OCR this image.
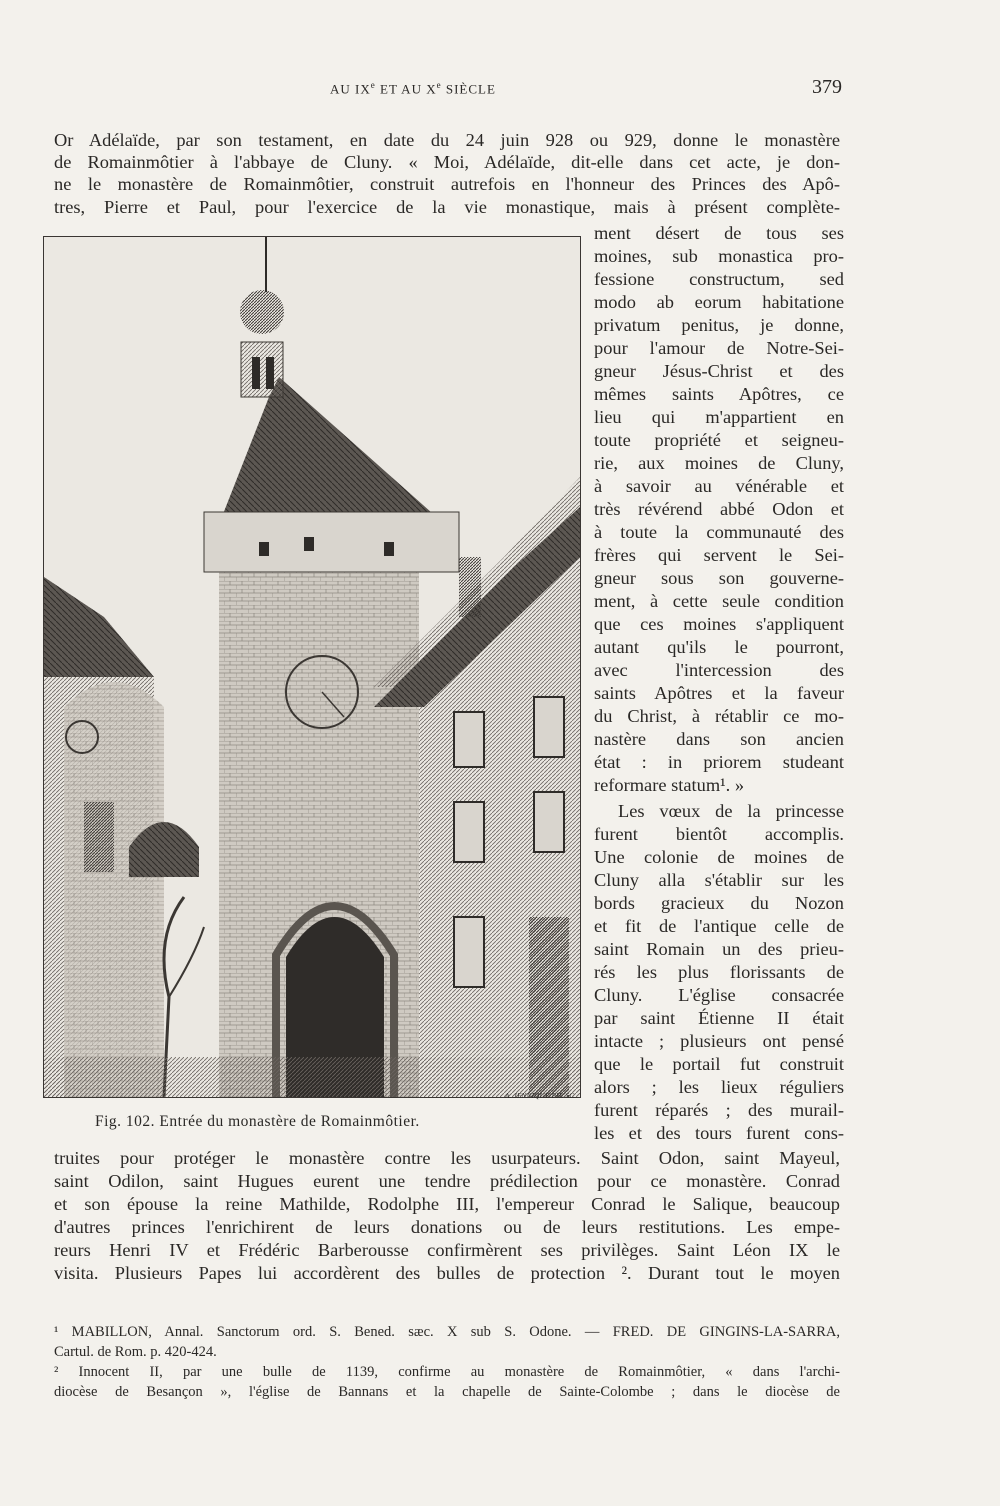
AU IXe ET AU Xe SIÈCLE	379
Or Adélaïde, par son testament, en date du 24 juin 928 ou 929, donne le monastère
de Romainmôtier à l'abbaye de Cluny. « Moi, Adélaïde, dit-elle dans cet acte, je don-
ne le monastère de Romainmôtier, construit autrefois en l'honneur des Princes des Apô-
tres, Pierre et Paul, pour l'exercice de la vie monastique, mais à présent complète-
A. JENNIQUE PH. SC.
Fig. 102. Entrée du monastère de Romainmôtier.
ment désert de tous ses
moines, sub monastica pro-
fessione constructum, sed
modo ab eorum habitatione
privatum penitus, je donne,
pour l'amour de Notre-Sei-
gneur Jésus-Christ et des
mêmes saints Apôtres, ce
lieu qui m'appartient en
toute propriété et seigneu-
rie, aux moines de Cluny,
à savoir au vénérable et
très révérend abbé Odon et
à toute la communauté des
frères qui servent le Sei-
gneur sous son gouverne-
ment, à cette seule condition
que ces moines s'appliquent
autant qu'ils le pourront,
avec l'intercession des
saints Apôtres et la faveur
du Christ, à rétablir ce mo-
nastère dans son ancien
état : in priorem studeant
reformare statum¹. »
Les vœux de la princesse
furent bientôt accomplis.
Une colonie de moines de
Cluny alla s'établir sur les
bords gracieux du Nozon
et fit de l'antique celle de
saint Romain un des prieu-
rés les plus florissants de
Cluny. L'église consacrée
par saint Étienne II était
intacte ; plusieurs ont pensé
que le portail fut construit
alors ; les lieux réguliers
furent réparés ; des murail-
les et des tours furent cons-
truites pour protéger le monastère contre les usurpateurs. Saint Odon, saint Mayeul,
saint Odilon, saint Hugues eurent une tendre prédilection pour ce monastère. Conrad
et son épouse la reine Mathilde, Rodolphe III, l'empereur Conrad le Salique, beaucoup
d'autres princes l'enrichirent de leurs donations ou de leurs restitutions. Les empe-
reurs Henri IV et Frédéric Barberousse confirmèrent ses privilèges. Saint Léon IX le
visita. Plusieurs Papes lui accordèrent des bulles de protection ². Durant tout le moyen
¹ MABILLON, Annal. Sanctorum ord. S. Bened. sæc. X sub S. Odone. — FRED. DE GINGINS-LA-SARRA,
Cartul. de Rom. p. 420-424.
² Innocent II, par une bulle de 1139, confirme au monastère de Romainmôtier, « dans l'archi-
diocèse de Besançon », l'église de Bannans et la chapelle de Sainte-Colombe ; dans le diocèse de
